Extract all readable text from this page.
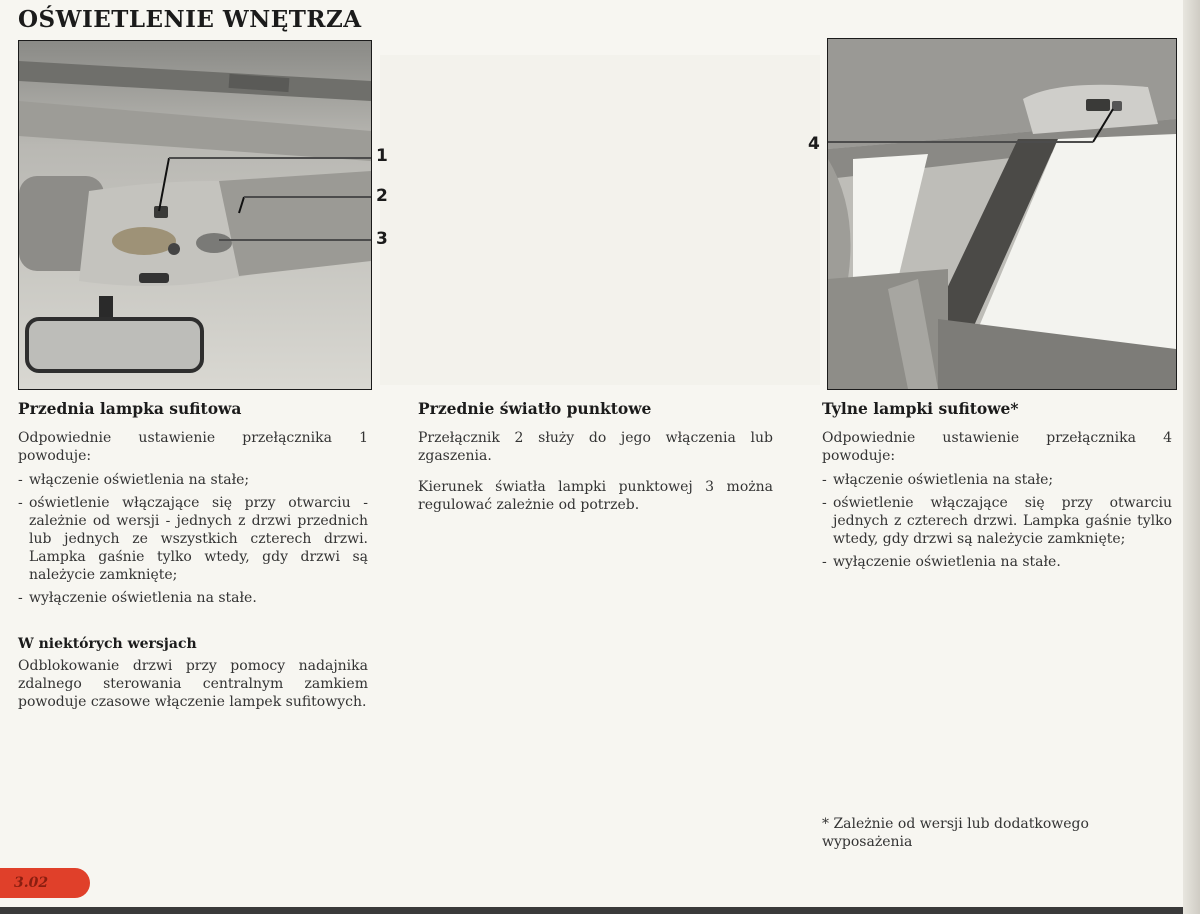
OŚWIETLENIE WNĘTRZA
1
2
3
4
Przednia lampka sufitowa

Odpowiednie ustawienie przełącznika 1 powoduje:

- włączenie oświetlenia na stałe;
- oświetlenie włączające się przy otwarciu - zależnie od wersji - jednych z drzwi przednich lub jednych ze wszystkich czterech drzwi. Lampka gaśnie tylko wtedy, gdy drzwi są należycie zamknięte;
- wyłączenie oświetlenia na stałe.
W niektórych wersjach

Odblokowanie drzwi przy pomocy nadajnika zdalnego sterowania centralnym zamkiem powoduje czasowe włączenie lampek sufitowych.

Przednie światło punktowe

Przełącznik 2 służy do jego włączenia lub zgaszenia.

Kierunek światła lampki punktowej 3 można regulować zależnie od potrzeb.

Tylne lampki sufitowe*

Odpowiednie ustawienie przełącznika 4 powoduje:

- włączenie oświetlenia na stałe;
- oświetlenie włączające się przy otwarciu jednych z czterech drzwi. Lampka gaśnie tylko wtedy, gdy drzwi są należycie zamknięte;
- wyłączenie oświetlenia na stałe.
* Zależnie od wersji lub dodatkowego wyposażenia
3.02
